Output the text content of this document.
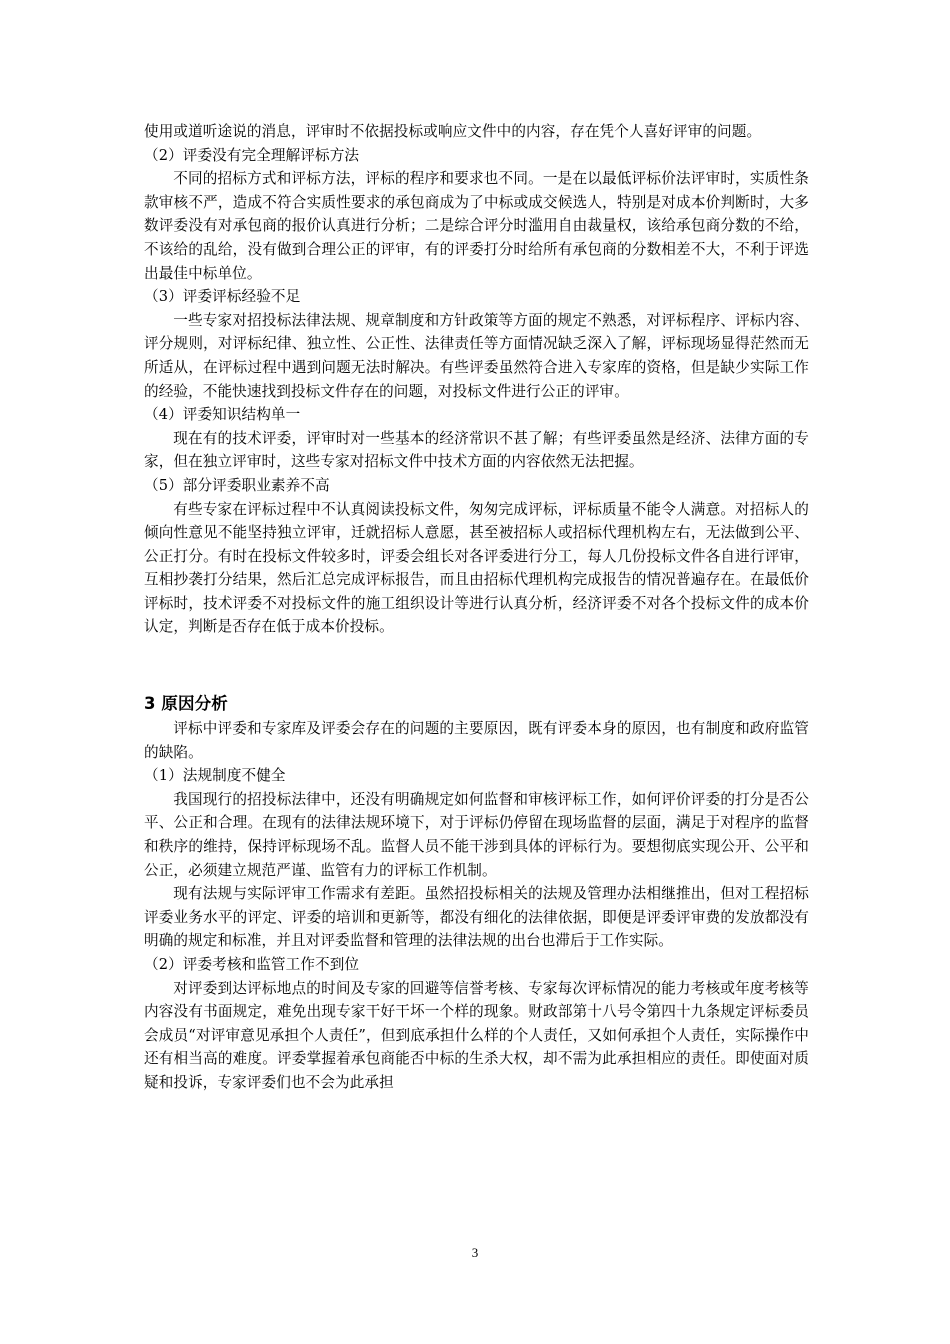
使用或道听途说的消息，评审时不依据投标或响应文件中的内容，存在凭个人喜好评审的问题。

（2）评委没有完全理解评标方法

不同的招标方式和评标方法，评标的程序和要求也不同。一是在以最低评标价法评审时，实质性条款审核不严，造成不符合实质性要求的承包商成为了中标或成交候选人，特别是对成本价判断时，大多数评委没有对承包商的报价认真进行分析；二是综合评分时滥用自由裁量权，该给承包商分数的不给，不该给的乱给，没有做到合理公正的评审，有的评委打分时给所有承包商的分数相差不大，不利于评选出最佳中标单位。

（3）评委评标经验不足

一些专家对招投标法律法规、规章制度和方针政策等方面的规定不熟悉，对评标程序、评标内容、评分规则，对评标纪律、独立性、公正性、法律责任等方面情况缺乏深入了解，评标现场显得茫然而无所适从，在评标过程中遇到问题无法时解决。有些评委虽然符合进入专家库的资格，但是缺少实际工作的经验，不能快速找到投标文件存在的问题，对投标文件进行公正的评审。

（4）评委知识结构单一

现在有的技术评委，评审时对一些基本的经济常识不甚了解；有些评委虽然是经济、法律方面的专家，但在独立评审时，这些专家对招标文件中技术方面的内容依然无法把握。

（5）部分评委职业素养不高

有些专家在评标过程中不认真阅读投标文件，匆匆完成评标，评标质量不能令人满意。对招标人的倾向性意见不能坚持独立评审，迁就招标人意愿，甚至被招标人或招标代理机构左右，无法做到公平、公正打分。有时在投标文件较多时，评委会组长对各评委进行分工，每人几份投标文件各自进行评审，互相抄袭打分结果，然后汇总完成评标报告，而且由招标代理机构完成报告的情况普遍存在。在最低价评标时，技术评委不对投标文件的施工组织设计等进行认真分析，经济评委不对各个投标文件的成本价认定，判断是否存在低于成本价投标。

3 原因分析

评标中评委和专家库及评委会存在的问题的主要原因，既有评委本身的原因，也有制度和政府监管的缺陷。

（1）法规制度不健全

我国现行的招投标法律中，还没有明确规定如何监督和审核评标工作，如何评价评委的打分是否公平、公正和合理。在现有的法律法规环境下，对于评标仍停留在现场监督的层面，满足于对程序的监督和秩序的维持，保持评标现场不乱。监督人员不能干涉到具体的评标行为。要想彻底实现公开、公平和公正，必须建立规范严谨、监管有力的评标工作机制。

现有法规与实际评审工作需求有差距。虽然招投标相关的法规及管理办法相继推出，但对工程招标评委业务水平的评定、评委的培训和更新等，都没有细化的法律依据，即便是评委评审费的发放都没有明确的规定和标准，并且对评委监督和管理的法律法规的出台也滞后于工作实际。

（2）评委考核和监管工作不到位

对评委到达评标地点的时间及专家的回避等信誉考核、专家每次评标情况的能力考核或年度考核等内容没有书面规定，难免出现专家干好干坏一个样的现象。财政部第十八号令第四十九条规定评标委员会成员“对评审意见承担个人责任”，但到底承担什么样的个人责任，又如何承担个人责任，实际操作中还有相当高的难度。评委掌握着承包商能否中标的生杀大权，却不需为此承担相应的责任。即使面对质疑和投诉，专家评委们也不会为此承担

3
